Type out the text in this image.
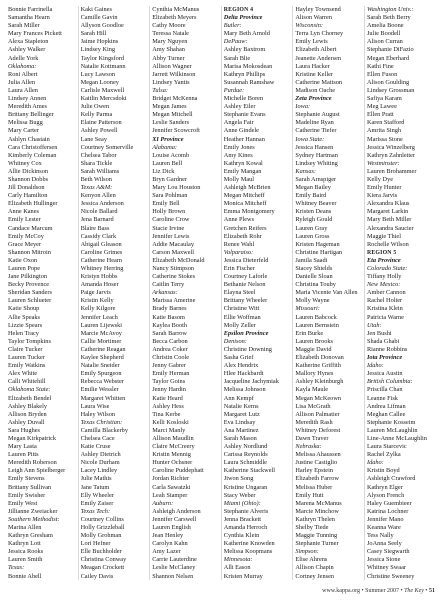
Bonnie Farrinella
Samantha Hearn
Sarah Miller
Mary Frances Pickett
Alexa Stapleton
Ashley Walker
Adelle York
Oklahoma:
Roni Albert
Julia Allen
Laura Allen
Lindsey Annen
Meredith Ames
Brittany Bellinger
Melissa Bugg
Mary Carter
Ashlyn Chastain
Cara Christoffersen
Kimberly Coleman
Whitney Cox
Allie Dickinson
Shannon Dobbs
Jill Donaldson
Carly Hamilton
Elizabeth Hullinger
Anne Kanes
Emily Lester
Candace Marcum
Emily McCoy
Grace Meyer
Shannon Mitroin
Katie Oxon
Lauren Pope
Jane Pilkington
Becky Provence
Sheridan Sanders
Lauren Schlueter
Katie Shoup
Allie Speaks
Lizzie Spears
Helen Tracy
Taylor Tompkins
Claire Tucker
Lauren Tucker
Emily Watkins
Alex White
Calli Whitehill
Oklahoma State:
Elizabeth Bendel
Ashley Blakely
Allison Bryden
Ashley Duvall
Sara Hughes
Megan Kirkpatrick
Mary Lasta
Lauren Pitts
Meredith Roberson
Leigh Ann Spielberger
Emily Stevens
Brittany Sullivan
Emily Swisher
Emily West
Jillianne Zweiacker
Southern Methodist:
Marina Allen
Kathryn Gresham
Kathryn Lott
Jessica Rooks
Lauren Smith
Texas:
Bonnie Abell
Kaki Gaines
Camille Gavin
Allyson Goodloe
Sarah Hill
Jaime Hopkins
Lindsey King
Taylor Kingsford
Natalie Kottmann
Lucy Lawson
Megan Looney
Carlisle Maxwell
Kaitlin Mercsdoki
Julie Owen
Kelly Parma
Elaine Patterson
Ashley Powell
Lane Seay
Courtney Somerville
Chelsea Tabor
Shara Tickle
Sarah Williams
Beth Wilson
Texas A&M:
Kenyon Allen
Jessica Anderson
Nicole Ballard
Jena Barnard
Blaire Bass
Cassidy Clark
Abigail Gleason
Caroline Grimes
Catherine Hearn
Whitney Herring
Kristyn Hobbs
Amanda Hoser
Paige Jarvis
Kristin Kelly
Kelly Kilgore
Jennifer Leach
Lauren Lijewski
Marcie McAvoy
Callie Mortimer
Catherine Reagan
Kaylee Shepherd
Natalie Sneider
Emily Spurgeon
Rebecca Webster
Emilie Wessler
Margaret Whitten
Laura Wise
Haley Wilson
Texas Christian:
Camilla Blackerby
Chelsea Cace
Katie Cruse
Ashley Dietrich
Nicole Durham
Lacey Lindley
Julie Mathis
Jane Tatum
Elly Wheeler
Emily Zaiser
Texas Tech:
Courtney Collins
Holly Grizzleball
Molly Grohman
Lori Hefner
Elle Buchholder
Christina Conway
Meagan Crockett
Cailey Davis
Cynthia McManus
Elizabeth Meyers
Cathy Moore
Teressa Natale
Mary Nguyen
Amy Shahan
Abby Turner
Allison Wagner
Jarrett Wilkinson
Lindsey Yantis
Tulsa:
Bridget McKenna
Megan James
Megan Mitchell
Leslie Sanders
Jennifer Scowcroft
XI Province
Alabama:
Louise Acomb
Lauren Bell
Liz Dick
Bryn Gardner
Mary Lou Houston
Sara Pohlman
Emily Bell
Holly Brown
Caroline Crow
Stacie Irvine
Jennifer Lewis
Addie Macaulay
Carson Maxwell
Elizabeth McDonald
Nancy Stimpson
Catherine Stokes
Caitlin Terry
Arkansas:
Marissa Amerine
Brady Barnes
Katie Basom
Kaylea Booth
Sarah Barrow
Becca Carbon
Andrea Coker
Christin Coole
Jenny Gabrer
Emily Herman
Taylor Goins
Jenny Hardin
Katie Heard
Ashley Hess
Tina Kerbe
Kelli Kosloski
Marci Manly
Allison Maudlin
Claire McCreery
Kristin Mennig
Hunter Ochsner
Caroline Puddephatt
Jordan Richter
Carla Sawatzki
Leah Stamper
Auburn:
Ashleigh Anderson
Jennifer Carswell
Lauren English
Jean Henley
Carolyn Kahn
Amy Lazer
Carrie Lauterdine
Leslie McClaney
Shannon Nelsen
REGION 4
Delta Province
Butler:
Mary Beth Arnold
DePauw:
Ashley Baxtrom
Sarah Blie
Marisa Mokosdean
Kathryn Phillips
Susannah Ramshaw
Purdue:
Michelle Boren
Ashley Eiler
Stephanie Evans
Angela Fair
Anne Gindele
Heather Hannan
Emily Jones
Amy Kines
Kathryn Kowal
Emily Mangan
Molly Maul
Ashleigh McBrien
Megan Mitcheff
Monica Mitcheff
Emma Montgomery
Anne Plews
Gretchen Reifers
Elizabeth Rohr
Renee Wahl
Valparaiso:
Jessica Dieterfeld
Erin Fischer
Courtney Laforle
Bethanie Nelson
Elayna Steel
Brittany Wheeler
Christine Witt
Ellie Woffman
Molly Zeller
Epsilon Province
Denison:
Christine Downing
Sasha Grief
Alex Hendrix
Hlee Hackbardt
Jacqueline Jachymiak
Melissa Johnson
Ann Kempf
Natalie Kerns
Margaret Lutz
Eva Lindsay
Ana Martinez
Sarah Mason
Ashley Nordlund
Carissa Reynolds
Laura Schmiddle
Katherine Stackwell
Jiwon Song
Kristine Ungaran
Stacy Weber
Miami (Ohio):
Stephanie Alveris
Jenna Brackett
Amanda Herroch
Cynthia Klein
Katherine Knowden
Melissa Koopmans
Minnesota:
Alli Eason
Kristen Murray
Hayley Townsend
Alison Warren
Wisconsin:
Terra Lyn Chorney
Emily Lewis
Elizabeth Albert
Jeanette Andersen
Laura Hacker
Kristine Keller
Catherine Mattson
Madison Oache
Zeta Province
Iowa:
Stephanie August
Madeline Ryan
Catherine Tiefer
Iowa State:
Jessica Hansen
Sydney Hartman
Lindsey Whiting
Kansas:
Sarah Arnspiger
Megan Bailey
Emily Baird
Whitney Beaver
Kristen Deans
Ryleigh Gould
Lauren Gray
Lauren Gross
Kristen Hageman
Christine Hartigan
Jamila Saadi
Stacey Shields
Danielle Sloan
Christina Touby
Maria Vicente Van Allen
Molly Wayne
Missouri:
Lauren Babcock
Lauren Bernstein
Erin Burke
Lauren Brooks
Maggie David
Elizabeth Donovan
Katherine Griffith
Mallory Hynes
Ashley Kleinburgh
Kayla Maule
Megan McKeown
Lisa McGrath
Allison Palmatier
Meredith Rash
Whitney Deforest
Dawn Traver
Nebraska:
Melissa Ahaussen
Justine Castiglio
Harley Epstein
Elizabeth Farrow
Melissa Huber
Emily Hutt
Marena McManus
Marcie Minchow
Kathryn Thelen
Shelby Tiede
Maggie Tunning
Stephanie Turner
Simpson:
Elise Ahrens
Allison Chapin
Cortney Jensen
Washington Univ.:
Sarah Beth Berry
Amelia Boone
Julie Boodell
Alison Curran
Stephanie DiFazio
Megan Eberhard
Kathi Fine
Ellen Fuson
Alison Goulding
Lindsey Grossman
Safiya Karam
Meg Lawee
Ellen Pratt
Karen Stafford
Amrita Singh
Marissa Stone
Jessica Winzelberg
Kathryn Zahnleiter
Westminster:
Lauren Brohammer
Kelly Dye
Emily Hunter
Kiera Jarvis
Alexandra Klaus
Margaret Larkin
Mary Beth Miller
Alexandra Saucier
Maggie Thiel
Rochelle Wilson
REGION 5
Eta Province
Colorado State:
Tiffany Holly
New Mexico:
Amber Cannon
Rachel Holter
Kristina Klein
Patricia Warne
Utah:
Jen Bushi
Shada Ghabi
Rianne Robbins
Iota Province
Idaho:
Jessica Austin
British Columbia:
Priscilla Chan
Leanne Fisk
Andrea Lifman
Meghan Callee
Stephanie Kosseim
Lauren McLaughlin
Line-Anne McLaughlin
Laura Starcevic
Rachel Zylka
Idaho:
Kristin Boyd
Ashleigh Crawford
Kathryn Elger
Alyson French
Haley Guembieer
Katrina Lochner
Jennifer Mano
Keanna Ware
Tess Nally
JoAnna Seely
Casey Siegwarth
Jessica Stone
Whitney Swaar
Christine Sweeney
www.kappa.org • Summer 2007 • The Key • 51
